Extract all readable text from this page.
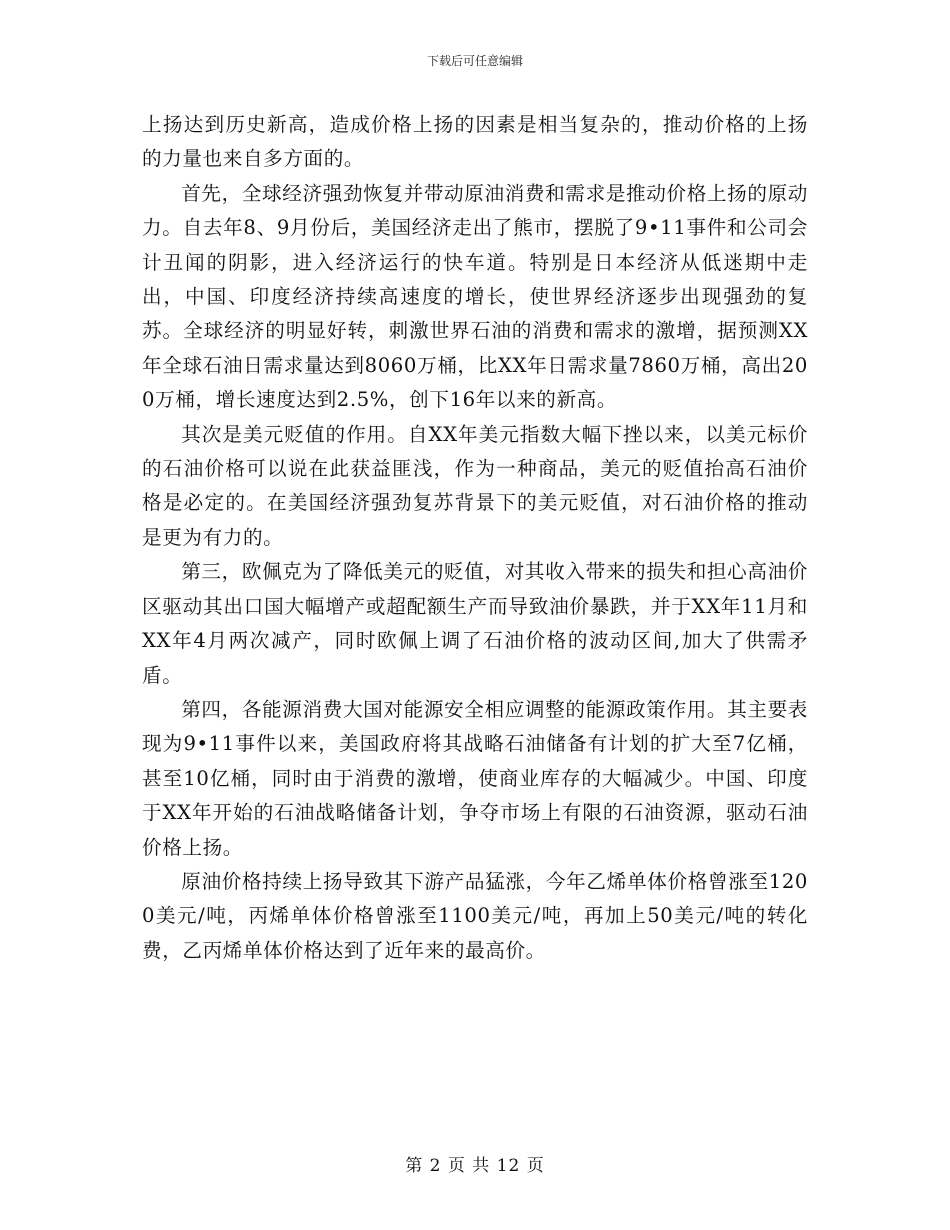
下载后可任意编辑

上扬达到历史新高，造成价格上扬的因素是相当复杂的，推动价格的上扬的力量也来自多方面的。

首先，全球经济强劲恢复并带动原油消费和需求是推动价格上扬的原动力。自去年8、9月份后，美国经济走出了熊市，摆脱了9•11事件和公司会计丑闻的阴影，进入经济运行的快车道。特别是日本经济从低迷期中走出，中国、印度经济持续高速度的增长，使世界经济逐步出现强劲的复苏。全球经济的明显好转，刺激世界石油的消费和需求的激增，据预测XX年全球石油日需求量达到8060万桶，比XX年日需求量7860万桶，高出200万桶，增长速度达到2.5%，创下16年以来的新高。

其次是美元贬值的作用。自XX年美元指数大幅下挫以来，以美元标价的石油价格可以说在此获益匪浅，作为一种商品，美元的贬值抬高石油价格是必定的。在美国经济强劲复苏背景下的美元贬值，对石油价格的推动是更为有力的。

第三，欧佩克为了降低美元的贬值，对其收入带来的损失和担心高油价区驱动其出口国大幅增产或超配额生产而导致油价暴跌，并于XX年11月和XX年4月两次减产，同时欧佩上调了石油价格的波动区间,加大了供需矛盾。

第四，各能源消费大国对能源安全相应调整的能源政策作用。其主要表现为9•11事件以来，美国政府将其战略石油储备有计划的扩大至7亿桶，甚至10亿桶，同时由于消费的激增，使商业库存的大幅减少。中国、印度于XX年开始的石油战略储备计划，争夺市场上有限的石油资源，驱动石油价格上扬。

原油价格持续上扬导致其下游产品猛涨，今年乙烯单体价格曾涨至1200美元/吨，丙烯单体价格曾涨至1100美元/吨，再加上50美元/吨的转化费，乙丙烯单体价格达到了近年来的最高价。

第 2 页 共 12 页
